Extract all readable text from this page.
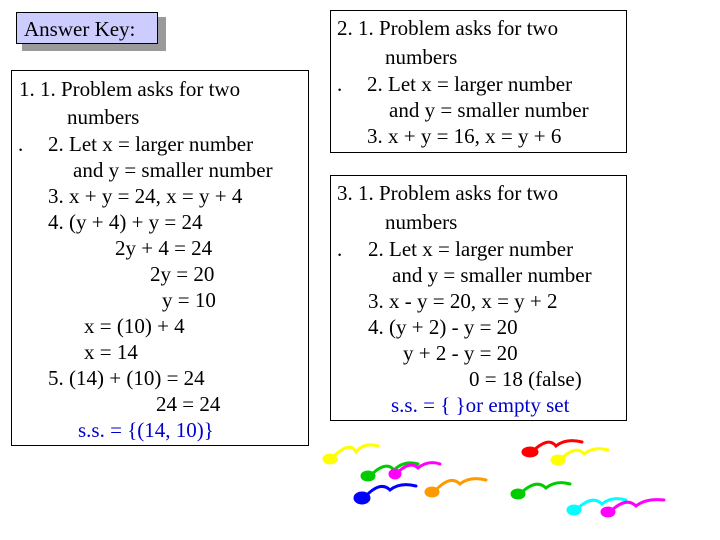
Answer Key:
1. 1. Problem asks for two
numbers
. 2. Let x = larger number
and y = smaller number
3. x + y = 24, x = y + 4
4. (y + 4) + y = 24
2y + 4 = 24
2y = 20
y = 10
x = (10) + 4
x = 14
5. (14) + (10) = 24
24 = 24
s.s. = {(14, 10)}
2. 1. Problem asks for two
numbers
. 2. Let x = larger number
and y = smaller number
3. x + y = 16, x = y + 6
3. 1. Problem asks for two
numbers
. 2. Let x = larger number
and y = smaller number
3. x - y = 20, x = y + 2
4. (y + 2) - y = 20
y + 2 - y = 20
0 = 18 (false)
s.s. = { }or empty set
